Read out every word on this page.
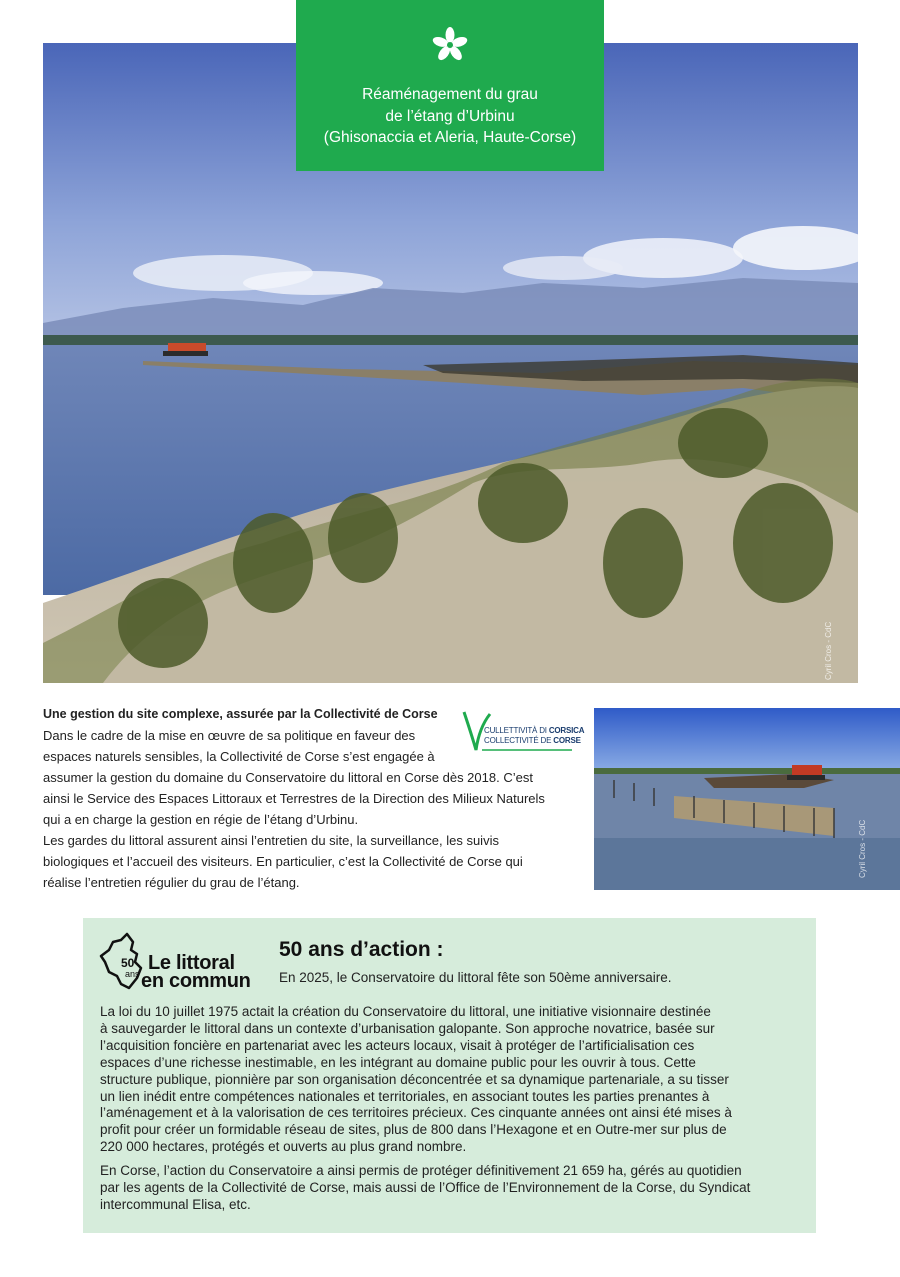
Cyril Cros - CdC
Réaménagement du grau
de l’étang d’Urbinu
(Ghisonaccia et Aleria, Haute-Corse)
Une gestion du site complexe, assurée par la Collectivité de Corse
Dans le cadre de la mise en œuvre de sa politique en faveur des
espaces naturels sensibles, la Collectivité de Corse s’est engagée à
assumer la gestion du domaine du Conservatoire du littoral en Corse dès 2018. C’est
ainsi le Service des Espaces Littoraux et Terrestres de la Direction des Milieux Naturels
qui a en charge la gestion en régie de l’étang d’Urbinu.
Les gardes du littoral assurent ainsi l’entretien du site, la surveillance, les suivis
biologiques et l’accueil des visiteurs. En particulier, c’est la Collectivité de Corse qui
réalise l’entretien régulier du grau de l’étang.
CULLETTIVITÀ DI CORSICA
COLLECTIVITÉ DE CORSE
Cyril Cros - CdC
50
ans Le littoral
en commun
50 ans d’action :
En 2025, le Conservatoire du littoral fête son 50ème anniversaire.
La loi du 10 juillet 1975 actait la création du Conservatoire du littoral, une initiative visionnaire destinée
à sauvegarder le littoral dans un contexte d’urbanisation galopante. Son approche novatrice, basée sur
l’acquisition foncière en partenariat avec les acteurs locaux, visait à protéger de l’artificialisation ces
espaces d’une richesse inestimable, en les intégrant au domaine public pour les ouvrir à tous. Cette
structure publique, pionnière par son organisation déconcentrée et sa dynamique partenariale, a su tisser
un lien inédit entre compétences nationales et territoriales, en associant toutes les parties prenantes à
l’aménagement et à la valorisation de ces territoires précieux. Ces cinquante années ont ainsi été mises à
profit pour créer un formidable réseau de sites, plus de 800 dans l’Hexagone et en Outre-mer sur plus de
220 000 hectares, protégés et ouverts au plus grand nombre.
En Corse, l’action du Conservatoire a ainsi permis de protéger définitivement 21 659 ha, gérés au quotidien
par les agents de la Collectivité de Corse, mais aussi de l’Office de l’Environnement de la Corse, du Syndicat
intercommunal Elisa, etc.
